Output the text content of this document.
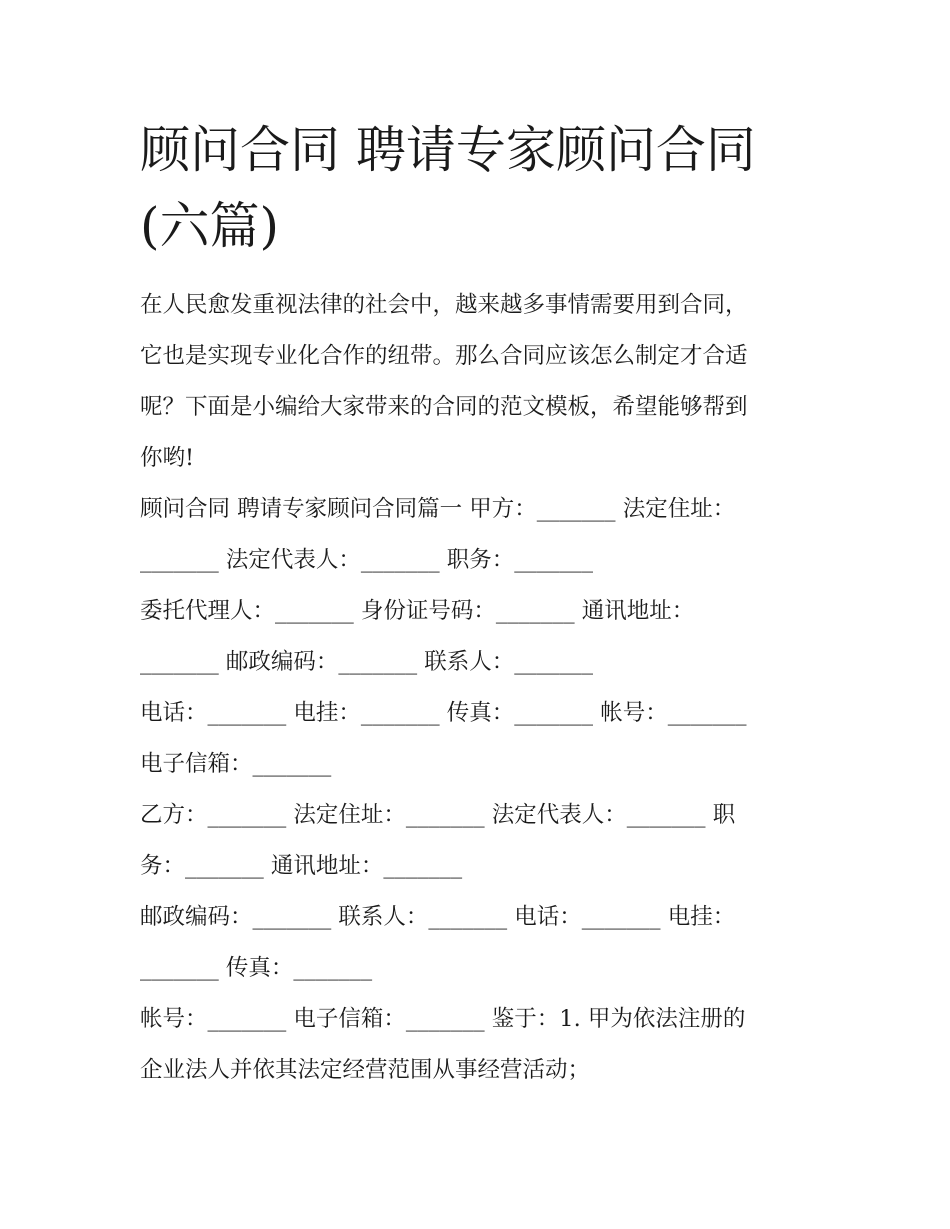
顾问合同 聘请专家顾问合同
(六篇)

在人民愈发重视法律的社会中，越来越多事情需要用到合同，
它也是实现专业化合作的纽带。那么合同应该怎么制定才合适
呢？下面是小编给大家带来的合同的范文模板，希望能够帮到
你哟!

顾问合同 聘请专家顾问合同篇一 甲方：_______ 法定住址：
_______ 法定代表人：_______ 职务：_______
委托代理人：_______ 身份证号码：_______ 通讯地址：
_______ 邮政编码：_______ 联系人：_______
电话：_______ 电挂：_______ 传真：_______ 帐号：_______
电子信箱：_______
乙方：_______ 法定住址：_______ 法定代表人：_______ 职
务：_______ 通讯地址：_______
邮政编码：_______ 联系人：_______ 电话：_______ 电挂：
_______ 传真：_______
帐号：_______ 电子信箱：_______ 鉴于：1. 甲为依法注册的
企业法人并依其法定经营范围从事经营活动；
